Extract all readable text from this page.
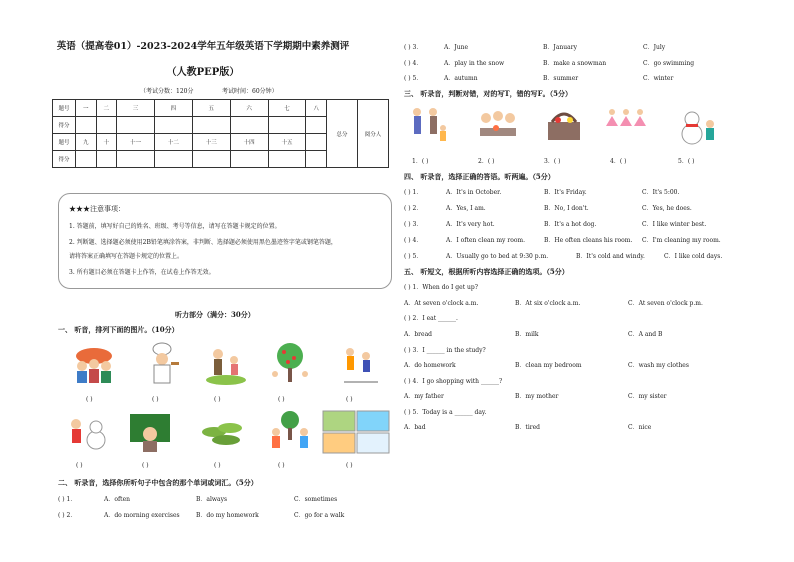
英语（提高卷01）-2023-2024学年五年级英语下学期期中素养测评
（人教PEP版）
（考试分数：120分	考试时间：60分钟）
题号	一	二	三	四	五	六	七	八	总分	阅分人
得分										
题号	九	十	十一	十二	十三	十四	十五			
得分										
★★★注意事项：
1. 答题前，填写好自己的姓名、班级、考号等信息，请写在答题卡规定的位置。
2. 判断题、选择题必须使用2B铅笔填涂答案，非判断、选择题必须使用黑色墨迹签字笔或钢笔答题，
请将答案正确填写在答题卡规定的位置上。
3. 所有题目必须在答题卡上作答，在试卷上作答无效。
听力部分（满分：30分）
一、 听音，排列下面的图片。（10分）
( )	( )	( )	( )	( )
( )	( )	( )	( )	( )
二、 听录音，选择你所听句子中包含的那个单词或词汇。（5分）
( ) 1．	A．often	B．always	C．sometimes
( ) 2．	A．do morning exercises	B．do my homework	C．go for a walk
( ) 3．	A．June	B．January	C．July
( ) 4．	A．play in the snow	B．make a snowman	C．go swimming
( ) 5．	A．autumn	B．summer	C．winter
三、 听录音，判断对错，对的写T，错的写F。（5分）
1．( )	2．( )	3．( )	4．( )	5．( )
四、 听录音，选择正确的答语。听两遍。（5分）
( ) 1．	A．It's in October.	B．It's Friday.	C．It's 5:00.
( ) 2．	A．Yes, I am.	B．No, I don't.	C．Yes, he does.
( ) 3．	A．It's very hot.	B．It's a hot dog.	C．I like winter best.
( ) 4．	A．I often clean my room.	B．He often cleans his room. C．I'm cleaning my room.
( ) 5．	A．Usually go to bed at 9:30 p.m.	B．It's cold and windy.	C．I like cold days.
五、 听短文，根据所听内容选择正确的选项。（5分）
( ) 1．When do I get up?
A．At seven o'clock a.m.	B．At six o'clock a.m.	C．At seven o'clock p.m.
( ) 2．I eat ______.
A．bread	B．milk	C．A and B
( ) 3．I ______ in the study?
A．do homework	B．clean my bedroom	C．wash my clothes
( ) 4．I go shopping with ______?
A．my father	B．my mother	C．my sister
( ) 5．Today is a ______ day.
A．bad	B．tired	C．nice
